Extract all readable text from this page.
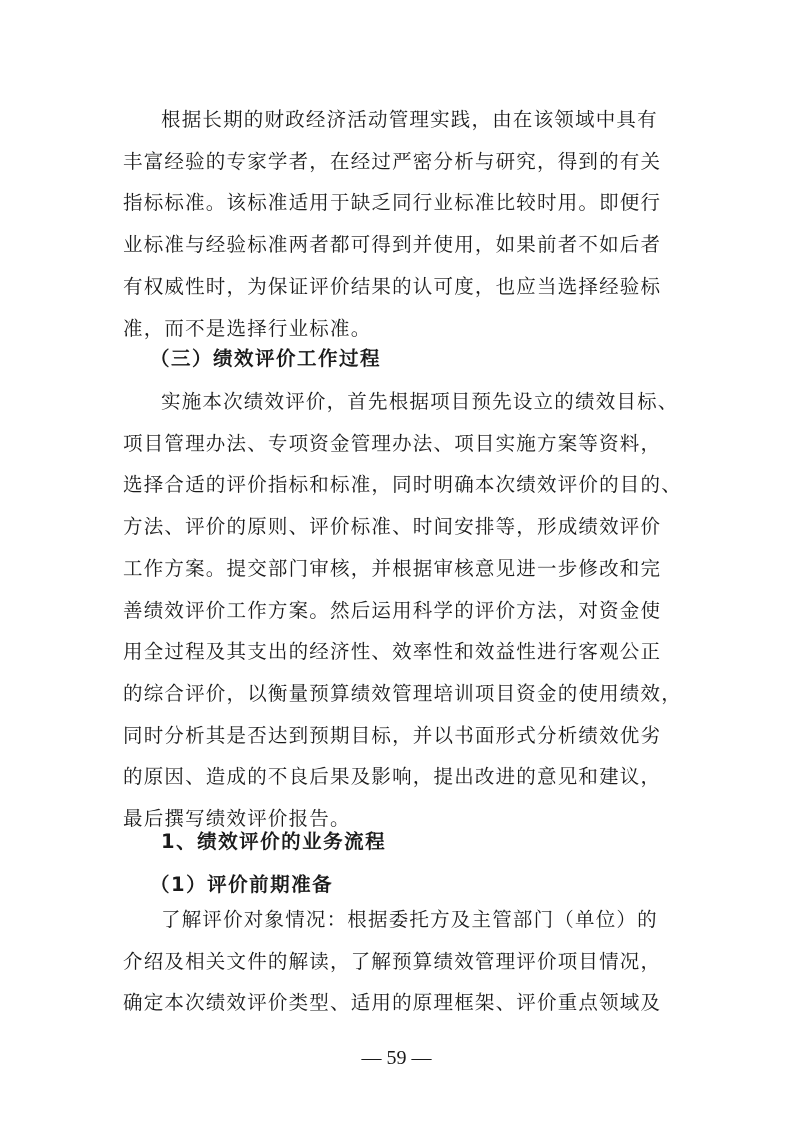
根据长期的财政经济活动管理实践，由在该领域中具有
丰富经验的专家学者，在经过严密分析与研究，得到的有关
指标标准。该标准适用于缺乏同行业标准比较时用。即便行
业标准与经验标准两者都可得到并使用，如果前者不如后者
有权威性时，为保证评价结果的认可度，也应当选择经验标
准，而不是选择行业标准。
（三）绩效评价工作过程
实施本次绩效评价，首先根据项目预先设立的绩效目标、
项目管理办法、专项资金管理办法、项目实施方案等资料，
选择合适的评价指标和标准，同时明确本次绩效评价的目的、
方法、评价的原则、评价标准、时间安排等，形成绩效评价
工作方案。提交部门审核，并根据审核意见进一步修改和完
善绩效评价工作方案。然后运用科学的评价方法，对资金使
用全过程及其支出的经济性、效率性和效益性进行客观公正
的综合评价，以衡量预算绩效管理培训项目资金的使用绩效，
同时分析其是否达到预期目标，并以书面形式分析绩效优劣
的原因、造成的不良后果及影响，提出改进的意见和建议，
最后撰写绩效评价报告。
1、绩效评价的业务流程
（1）评价前期准备
了解评价对象情况：根据委托方及主管部门（单位）的
介绍及相关文件的解读，了解预算绩效管理评价项目情况，
确定本次绩效评价类型、适用的原理框架、评价重点领域及
— 59 —
